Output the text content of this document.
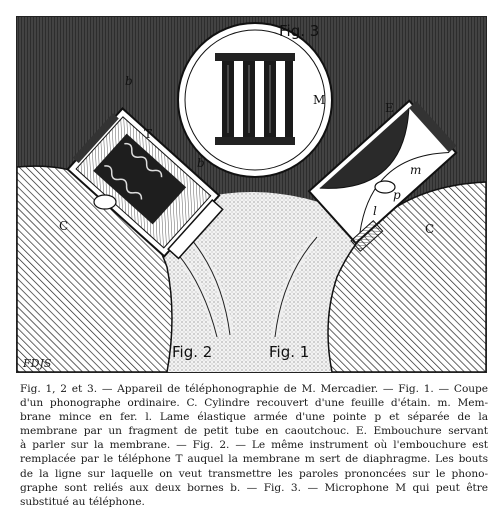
Fig. 3
Fig. 2	Fig. 1
C	C
T
b
b
E
m
p
l
M
FDJS
Fig. 1, 2 et 3. — Appareil de téléphonographie de M. Mercadier. — Fig. 1. — Coupe
d'un phonographe ordinaire. C. Cylindre recouvert d'une feuille d'étain. m. Mem-
brane mince en fer. l. Lame élastique armée d'une pointe p et séparée de la
membrane par un fragment de petit tube en caoutchouc. E. Embouchure servant
à parler sur la membrane. — Fig. 2. — Le même instrument où l'embouchure est
remplacée par le téléphone T auquel la membrane m sert de diaphragme. Les bouts
de la ligne sur laquelle on veut transmettre les paroles prononcées sur le phono-
graphe sont reliés aux deux bornes b. — Fig. 3. — Microphone M qui peut être
substitué au téléphone.
